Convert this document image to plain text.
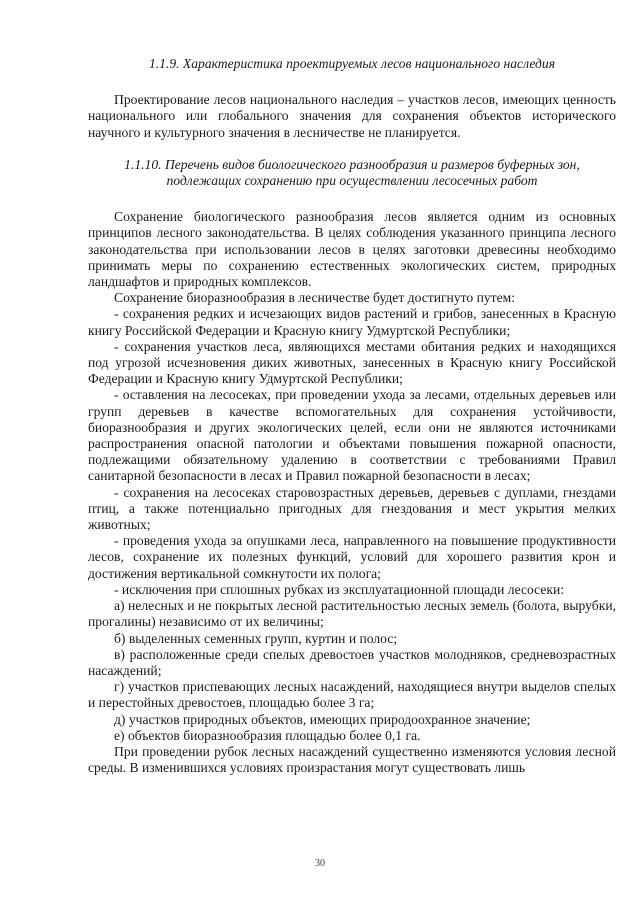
1.1.9. Характеристика проектируемых лесов национального наследия

Проектирование лесов национального наследия – участков лесов, имеющих ценность национального или глобального значения для сохранения объектов исторического научного и культурного значения в лесничестве не планируется.

1.1.10. Перечень видов биологического разнообразия и размеров буферных зон, подлежащих сохранению при осуществлении лесосечных работ

Сохранение биологического разнообразия лесов является одним из основных принципов лесного законодательства. В целях соблюдения указанного принципа лесного законодательства при использовании лесов в целях заготовки древесины необходимо принимать меры по сохранению естественных экологических систем, природных ландшафтов и природных комплексов.

Сохранение биоразнообразия в лесничестве будет достигнуто путем:

- сохранения редких и исчезающих видов растений и грибов, занесенных в Красную книгу Российской Федерации и Красную книгу Удмуртской Республики;

- сохранения участков леса, являющихся местами обитания редких и находящихся под угрозой исчезновения диких животных, занесенных в Красную книгу Российской Федерации и Красную книгу Удмуртской Республики;

- оставления на лесосеках, при проведении ухода за лесами, отдельных деревьев или групп деревьев в качестве вспомогательных для сохранения устойчивости, биоразнообразия и других экологических целей, если они не являются источниками распространения опасной патологии и объектами повышения пожарной опасности, подлежащими обязательному удалению в соответствии с требованиями Правил санитарной безопасности в лесах и Правил пожарной безопасности в лесах;

- сохранения на лесосеках старовозрастных деревьев, деревьев с дуплами, гнездами птиц, а также потенциально пригодных для гнездования и мест укрытия мелких животных;

- проведения ухода за опушками леса, направленного на повышение продуктивности лесов, сохранение их полезных функций, условий для хорошего развития крон и достижения вертикальной сомкнутости их полога;

- исключения при сплошных рубках из эксплуатационной площади лесосеки:

а) нелесных и не покрытых лесной растительностью лесных земель (болота, вырубки, прогалины) независимо от их величины;

б) выделенных семенных групп, куртин и полос;

в) расположенные среди спелых древостоев участков молодняков, средневозрастных насаждений;

г) участков приспевающих лесных насаждений, находящиеся внутри выделов спелых и перестойных древостоев, площадью более 3 га;

д) участков природных объектов, имеющих природоохранное значение;

е) объектов биоразнообразия площадью более 0,1 га.

При проведении рубок лесных насаждений существенно изменяются условия лесной среды. В изменившихся условиях произрастания могут существовать лишь

30
